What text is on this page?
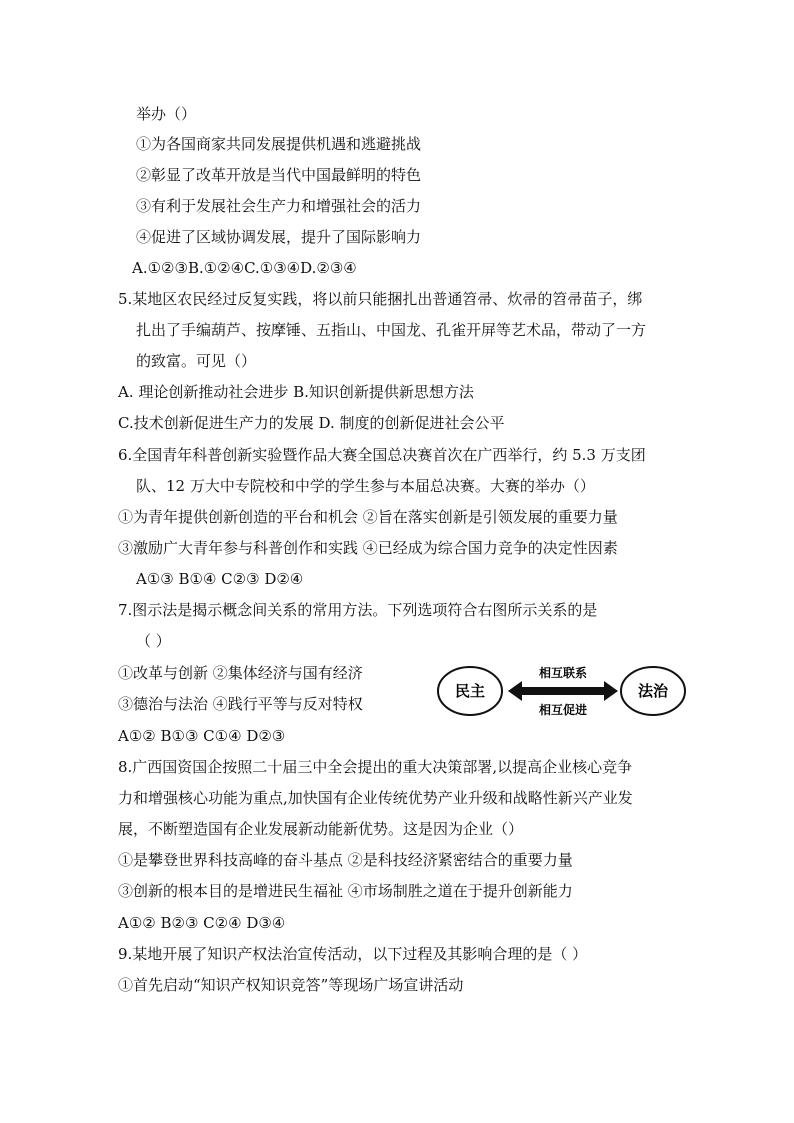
举办（）
①为各国商家共同发展提供机遇和逃避挑战
②彰显了改革开放是当代中国最鲜明的特色
③有利于发展社会生产力和增强社会的活力
④促进了区域协调发展，提升了国际影响力
A.①②③B.①②④C.①③④D.②③④
5.某地区农民经过反复实践，将以前只能捆扎出普通笤帚、炊帚的笤帚苗子，绑
扎出了手编葫芦、按摩锤、五指山、中国龙、孔雀开屏等艺术品，带动了一方
的致富。可见（）
A. 理论创新推动社会进步 B.知识创新提供新思想方法
C.技术创新促进生产力的发展 D. 制度的创新促进社会公平
6.全国青年科普创新实验暨作品大赛全国总决赛首次在广西举行，约 5.3 万支团
队、12 万大中专院校和中学的学生参与本届总决赛。大赛的举办（）
①为青年提供创新创造的平台和机会 ②旨在落实创新是引领发展的重要力量
③激励广大青年参与科普创作和实践 ④已经成为综合国力竞争的决定性因素
A①③ B①④ C②③ D②④
7.图示法是揭示概念间关系的常用方法。下列选项符合右图所示关系的是
（ ）
①改革与创新 ②集体经济与国有经济
③德治与法治 ④践行平等与反对特权
A①② B①③ C①④ D②③
民主	法治
相互联系
相互促进
8.广西国资国企按照二十届三中全会提出的重大决策部署,以提高企业核心竞争
力和增强核心功能为重点,加快国有企业传统优势产业升级和战略性新兴产业发
展，不断塑造国有企业发展新动能新优势。这是因为企业（）
①是攀登世界科技高峰的奋斗基点 ②是科技经济紧密结合的重要力量
③创新的根本目的是增进民生福祉 ④市场制胜之道在于提升创新能力
A①② B②③ C②④ D③④
9.某地开展了知识产权法治宣传活动，以下过程及其影响合理的是（ ）
①首先启动“知识产权知识竞答”等现场广场宣讲活动
